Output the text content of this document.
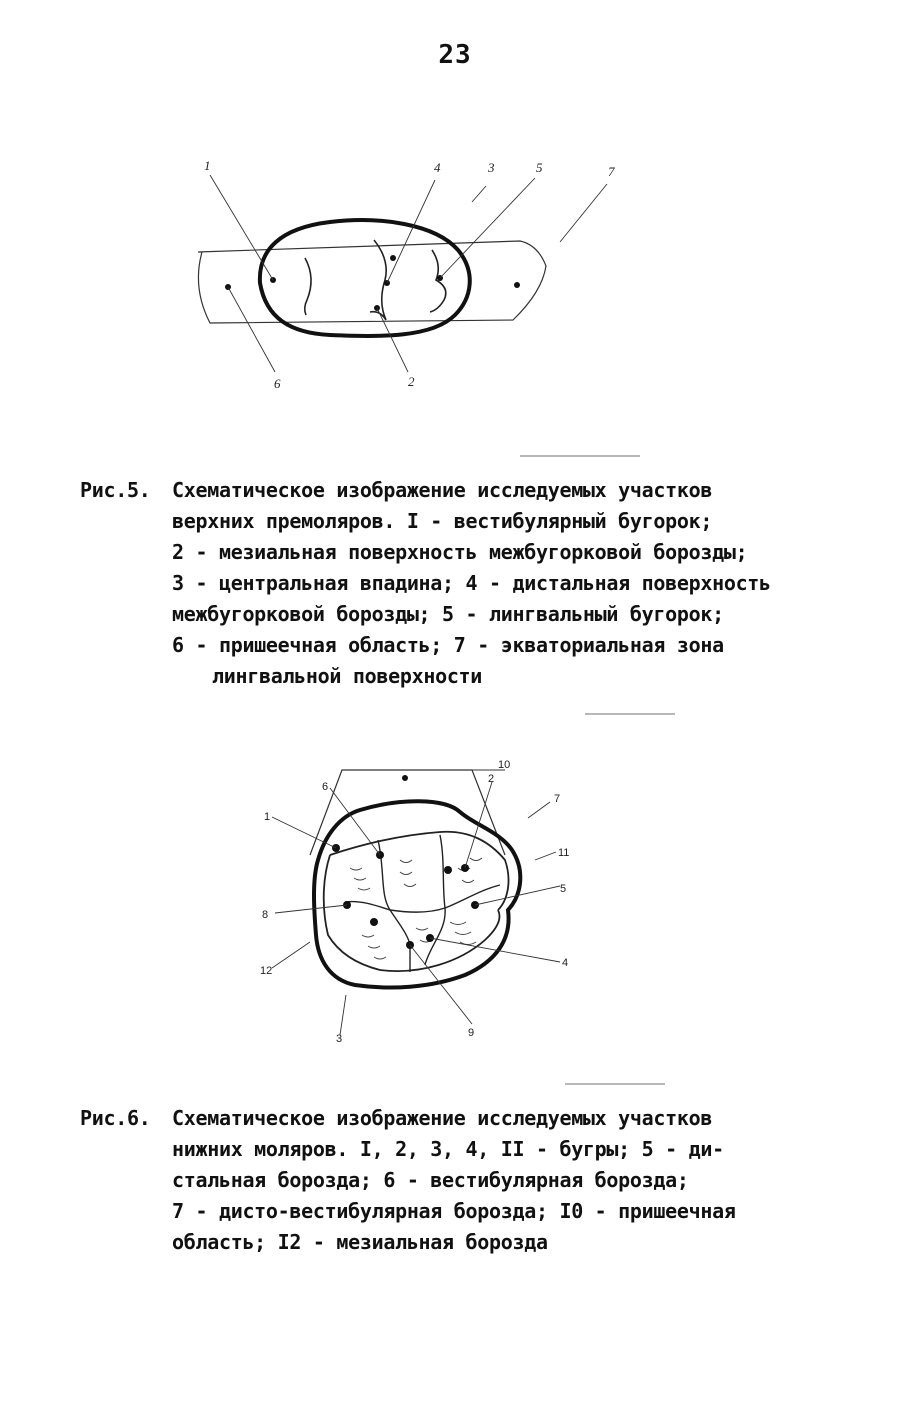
23
1	4	3	5	7
6	2
Рис.5. Схематическое изображение исследуемых участков
верхних премоляров. I - вестибулярный бугорок;
2 - мезиальная поверхность межбугорковой борозды;
3 - центральная впадина; 4 - дистальная поверхность
межбугорковой борозды; 5 - лингвальный бугорок;
6 - пришеечная область; 7 - экваториальная зона
лингвальной поверхности
1
2
6
10
7
11
5
4
8
12
3	9
Рис.6. Схематическое изображение исследуемых участков
нижних моляров. I, 2, 3, 4, II - бугры; 5 - ди-
стальная борозда; 6 - вестибулярная борозда;
7 - дисто-вестибулярная борозда; I0 - пришеечная
область; I2 - мезиальная борозда
